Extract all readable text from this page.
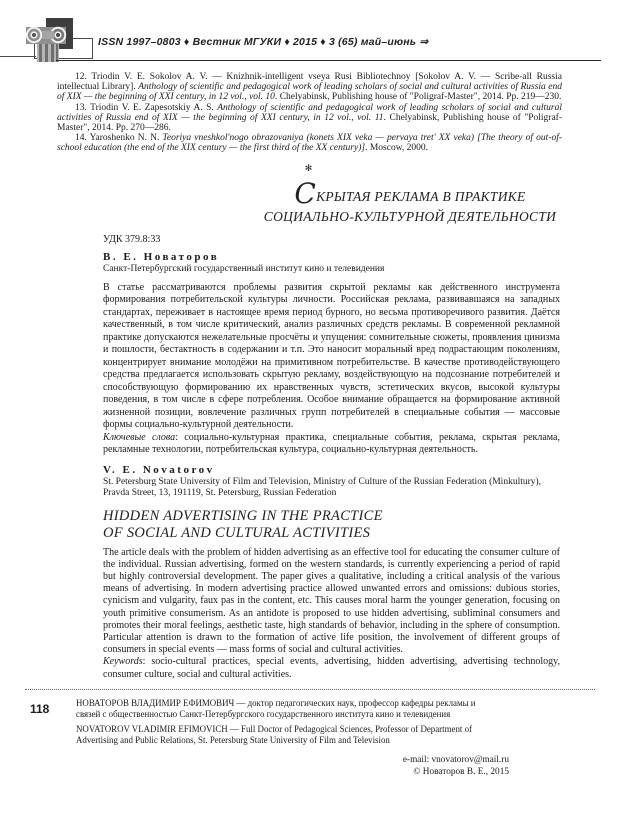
ISSN 1997–0803 ♦ Вестник МГУКИ ♦ 2015 ♦ 3 (65) май–июнь ⇒

12. Triodin V. E. Sokolov A. V. — Knizhnik-intelligent vseya Rusi Bibliotechnoy [Sokolov A. V. — Scribe-all Russia intellectual Library]. Anthology of scientific and pedagogical work of leading scholars of social and cultural activities of Russia end of XIX — the beginning of XXI century, in 12 vol., vol. 10. Chelyabinsk, Publishing house of "Poligraf-Master", 2014. Pp. 219—230.

13. Triodin V. E. Zapesotskiy A. S. Anthology of scientific and pedagogical work of leading scholars of social and cultural activities of Russia end of XIX — the beginning of XXI century, in 12 vol., vol. 11. Chelyabinsk, Publishing house of "Poligraf-Master", 2014. Pp. 270—286.

14. Yaroshenko N. N. Teoriya vneshkol'nogo obrazovaniya (konets XIX veka — pervaya tret' XX veka) [The theory of out-of-school education (the end of the XIX century — the first third of the XX century)]. Moscow, 2000.

✻
СКРЫТАЯ РЕКЛАМА В ПРАКТИКЕ
СОЦИАЛЬНО-КУЛЬТУРНОЙ ДЕЯТЕЛЬНОСТИ
УДК 379.8:33
В. Е. Новаторов
Санкт-Петербургский государственный институт кино и телевидения

В статье рассматриваются проблемы развития скрытой рекламы как действенного инструмента формирования потребительской культуры личности. Российская реклама, развивавшаяся на западных стандартах, переживает в настоящее время период бурного, но весьма противоречивого развития. Даётся качественный, в том числе критический, анализ различных средств рекламы. В современной рекламной практике допускаются нежелательные просчёты и упущения: сомнительные сюжеты, проявления цинизма и пошлости, бестактность в содержании и т.п. Это наносит моральный вред подрастающим поколениям, концентрирует внимание молодёжи на примитивном потребительстве. В качестве противодействующего средства предлагается использовать скрытую рекламу, воздействующую на подсознание потребителей и способствующую формированию их нравственных чувств, эстетических вкусов, высокой культуры поведения, в том числе в сфере потребления. Особое внимание обращается на формирование активной жизненной позиции, вовлечение различных групп потребителей в специальные события — массовые формы социально-культурной деятельности.
Ключевые слова: социально-культурная практика, специальные события, реклама, скрытая реклама, рекламные технологии, потребительская культура, социально-культурная деятельность.

V. E. Novatorov
St. Petersburg State University of Film and Television, Ministry of Culture of the Russian Federation (Minkultury), Pravda Street, 13, 191119, St. Petersburg, Russian Federation
HIDDEN ADVERTISING IN THE PRACTICE
OF SOCIAL AND CULTURAL ACTIVITIES

The article deals with the problem of hidden advertising as an effective tool for educating the consumer culture of the individual. Russian advertising, formed on the western standards, is currently experiencing a period of rapid but highly controversial development. The paper gives a qualitative, including a critical analysis of the various means of advertising. In modern advertising practice allowed unwanted errors and omissions: dubious stories, cynicism and vulgarity, faux pas in the content, etc. This causes moral harm the younger generation, focusing on youth primitive consumerism. As an antidote is proposed to use hidden advertising, subliminal consumers and promotes their moral feelings, aesthetic taste, high standards of behavior, including in the sphere of consumption. Particular attention is drawn to the formation of active life position, the involvement of different groups of consumers in special events — mass forms of social and cultural activities.
Keywords: socio-cultural practices, special events, advertising, hidden advertising, advertising technology, consumer culture, social and cultural activities.

118	НОВАТОРОВ ВЛАДИМИР ЕФИМОВИЧ — доктор педагогических наук, профессор кафедры рекламы и связей с общественностью Санкт-Петербургского государственного института кино и телевидения

NOVATOROV VLADIMIR EFIMOVICH — Full Doctor of Pedagogical Sciences, Professor of Department of Advertising and Public Relations, St. Petersburg State University of Film and Television

e-mail: vnovatorov@mail.ru
© Новаторов В. Е., 2015
